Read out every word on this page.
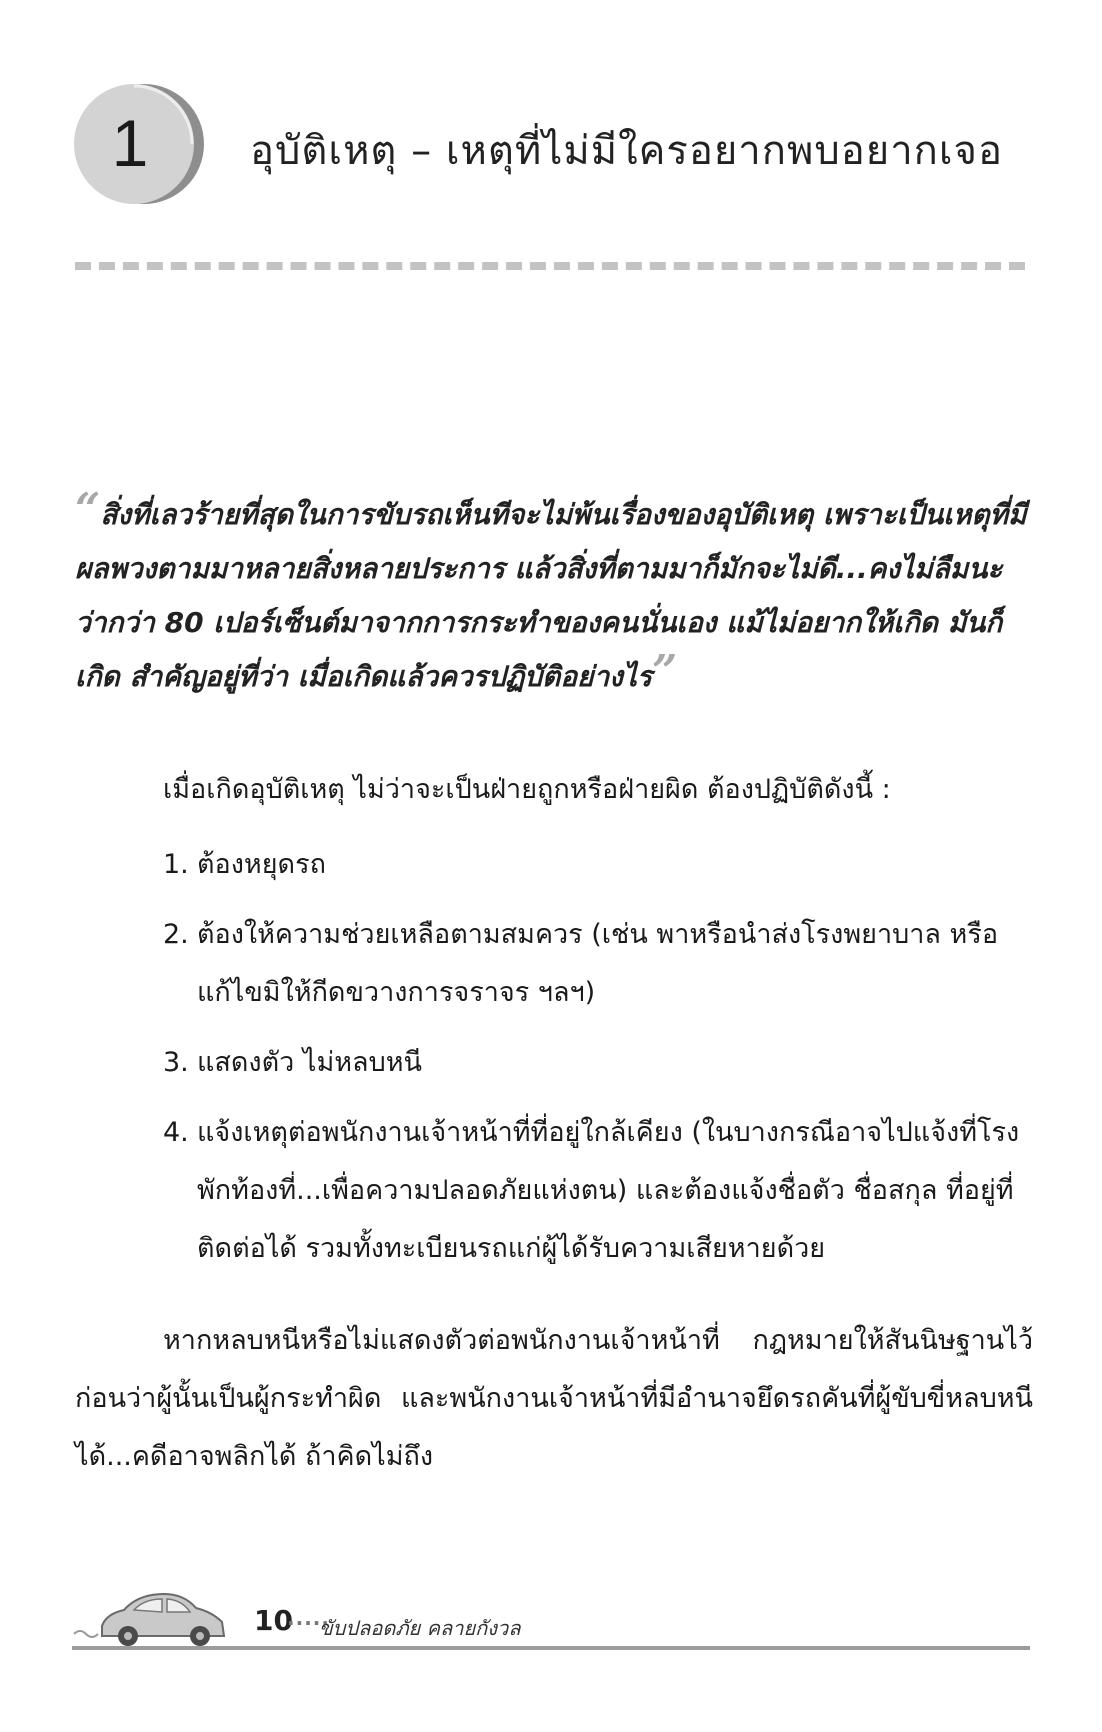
1	อุบัติเหตุ – เหตุที่ไม่มีใครอยากพบอยากเจอ

“สิ่งที่เลวร้ายที่สุดในการขับรถเห็นทีจะไม่พ้นเรื่องของอุบัติเหตุ เพราะเป็นเหตุที่มีผลพวงตามมาหลายสิ่งหลายประการ แล้วสิ่งที่ตามมาก็มักจะไม่ดี...คงไม่ลืมนะว่ากว่า 80 เปอร์เซ็นต์มาจากการกระทำของคนนั่นเอง แม้ไม่อยากให้เกิด มันก็เกิด สำคัญอยู่ที่ว่า เมื่อเกิดแล้วควรปฏิบัติอย่างไร”

เมื่อเกิดอุบัติเหตุ ไม่ว่าจะเป็นฝ่ายถูกหรือฝ่ายผิด ต้องปฏิบัติดังนี้ :

1. ต้องหยุดรถ
2. ต้องให้ความช่วยเหลือตามสมควร (เช่น พาหรือนำส่งโรงพยาบาล หรือแก้ไขมิให้กีดขวางการจราจร ฯลฯ)
3. แสดงตัว ไม่หลบหนี
4. แจ้งเหตุต่อพนักงานเจ้าหน้าที่ที่อยู่ใกล้เคียง (ในบางกรณีอาจไปแจ้งที่โรงพักท้องที่...เพื่อความปลอดภัยแห่งตน) และต้องแจ้งชื่อตัว ชื่อสกุล ที่อยู่ที่ติดต่อได้ รวมทั้งทะเบียนรถแก่ผู้ได้รับความเสียหายด้วย

หากหลบหนีหรือไม่แสดงตัวต่อพนักงานเจ้าหน้าที่ กฎหมายให้สันนิษฐานไว้ก่อนว่าผู้นั้นเป็นผู้กระทำผิด และพนักงานเจ้าหน้าที่มีอำนาจยึดรถคันที่ผู้ขับขี่หลบหนีได้...คดีอาจพลิกได้ ถ้าคิดไม่ถึง

10
.....
ขับปลอดภัย คลายกังวล
